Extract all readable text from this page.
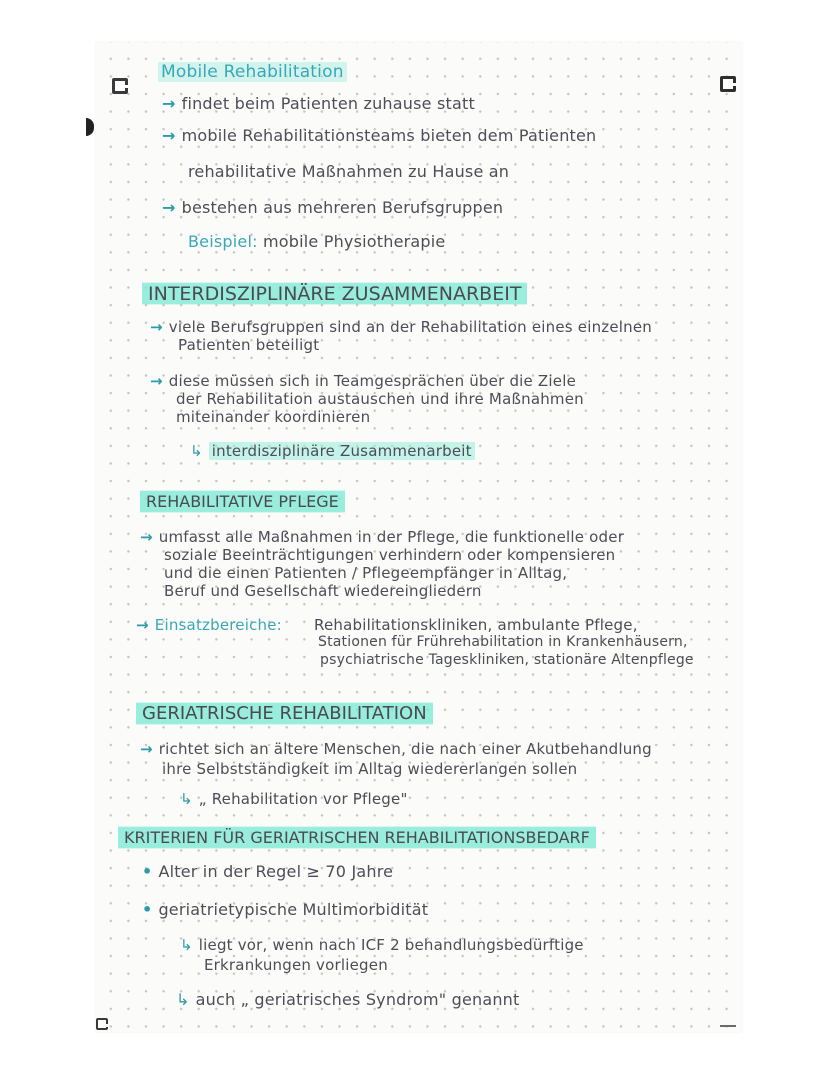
Mobile Rehabilitation
→ findet beim Patienten zuhause statt
→ mobile Rehabilitationsteams bieten dem Patienten
rehabilitative Maßnahmen zu Hause an
→ bestehen aus mehreren Berufsgruppen
Beispiel: mobile Physiotherapie
INTERDISZIPLINÄRE ZUSAMMENARBEIT
→ viele Berufsgruppen sind an der Rehabilitation eines einzelnen
Patienten beteiligt
→ diese müssen sich in Teamgesprächen über die Ziele
der Rehabilitation austauschen und ihre Maßnahmen
miteinander koordinieren
↳ interdisziplinäre Zusammenarbeit
REHABILITATIVE PFLEGE
→ umfasst alle Maßnahmen in der Pflege, die funktionelle oder
soziale Beeinträchtigungen verhindern oder kompensieren
und die einen Patienten / Pflegeempfänger in Alltag,
Beruf und Gesellschaft wiedereingliedern
→ Einsatzbereiche: Rehabilitationskliniken, ambulante Pflege,
Stationen für Frührehabilitation in Krankenhäusern,
psychiatrische Tageskliniken, stationäre Altenpflege
GERIATRISCHE REHABILITATION
→ richtet sich an ältere Menschen, die nach einer Akutbehandlung
ihre Selbstständigkeit im Alltag wiedererlangen sollen
↳ „ Rehabilitation vor Pflege"
KRITERIEN FÜR GERIATRISCHEN REHABILITATIONSBEDARF
• Alter in der Regel ≥ 70 Jahre
• geriatrietypische Multimorbidität
↳ liegt vor, wenn nach ICF 2 behandlungsbedürftige
Erkrankungen vorliegen
↳ auch „ geriatrisches Syndrom" genannt
